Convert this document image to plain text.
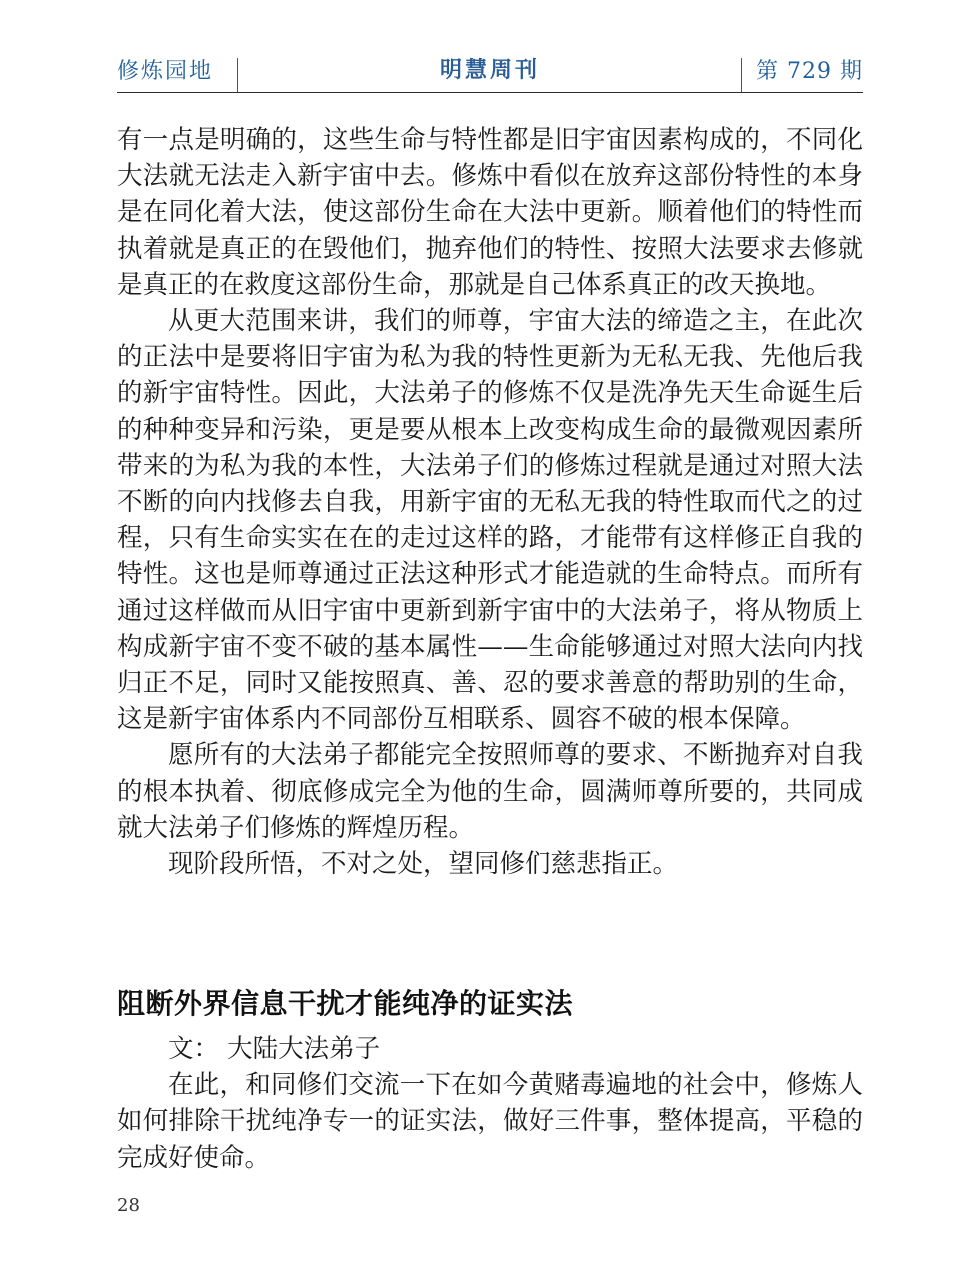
修炼园地	明慧周刊	第 729 期

有一点是明确的，这些生命与特性都是旧宇宙因素构成的，不同化大法就无法走入新宇宙中去。修炼中看似在放弃这部份特性的本身是在同化着大法，使这部份生命在大法中更新。顺着他们的特性而执着就是真正的在毁他们，抛弃他们的特性、按照大法要求去修就是真正的在救度这部份生命，那就是自己体系真正的改天换地。

从更大范围来讲，我们的师尊，宇宙大法的缔造之主，在此次的正法中是要将旧宇宙为私为我的特性更新为无私无我、先他后我的新宇宙特性。因此，大法弟子的修炼不仅是洗净先天生命诞生后的种种变异和污染，更是要从根本上改变构成生命的最微观因素所带来的为私为我的本性，大法弟子们的修炼过程就是通过对照大法不断的向内找修去自我，用新宇宙的无私无我的特性取而代之的过程，只有生命实实在在的走过这样的路，才能带有这样修正自我的特性。这也是师尊通过正法这种形式才能造就的生命特点。而所有通过这样做而从旧宇宙中更新到新宇宙中的大法弟子，将从物质上构成新宇宙不变不破的基本属性——生命能够通过对照大法向内找归正不足，同时又能按照真、善、忍的要求善意的帮助别的生命，这是新宇宙体系内不同部份互相联系、圆容不破的根本保障。

愿所有的大法弟子都能完全按照师尊的要求、不断抛弃对自我的根本执着、彻底修成完全为他的生命，圆满师尊所要的，共同成就大法弟子们修炼的辉煌历程。

现阶段所悟，不对之处，望同修们慈悲指正。

阻断外界信息干扰才能纯净的证实法

文： 大陆大法弟子

在此，和同修们交流一下在如今黄赌毒遍地的社会中，修炼人如何排除干扰纯净专一的证实法，做好三件事，整体提高，平稳的完成好使命。

28
